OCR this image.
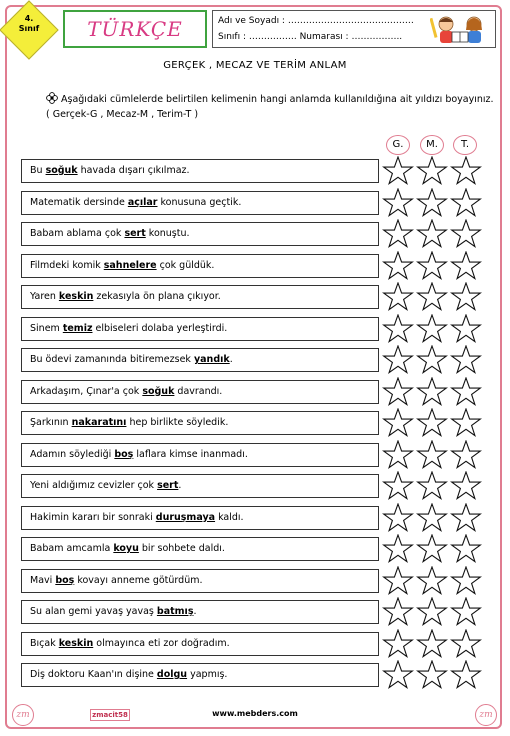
4.
Sınıf	TÜRKÇE	Adı ve Soyadı : ……………………………………
Sınıfı : ……………. Numarası : ……………..
GERÇEK , MECAZ VE TERİM ANLAM
Aşağıdaki cümlelerde belirtilen kelimenin hangi anlamda kullanıldığına ait yıldızı boyayınız. ( Gerçek-G , Mecaz-M , Terim-T )
G.	M.	T.
Bu soğuk havada dışarı çıkılmaz.
Matematik dersinde açılar konusuna geçtik.
Babam ablama çok sert konuştu.
Filmdeki komik sahnelere çok güldük.
Yaren keskin zekasıyla ön plana çıkıyor.
Sinem temiz elbiseleri dolaba yerleştirdi.
Bu ödevi zamanında bitiremezsek yandık.
Arkadaşım, Çınar'a çok soğuk davrandı.
Şarkının nakaratını hep birlikte söyledik.
Adamın söylediği boş laflara kimse inanmadı.
Yeni aldığımız cevizler çok sert.
Hakimin kararı bir sonraki duruşmaya kaldı.
Babam amcamla koyu bir sohbete daldı.
Mavi boş kovayı anneme götürdüm.
Su alan gemi yavaş yavaş batmış.
Bıçak keskin olmayınca eti zor doğradım.
Diş doktoru Kaan'ın dişine dolgu yapmış.
zm	zmacit58	www.mebders.com	zm
